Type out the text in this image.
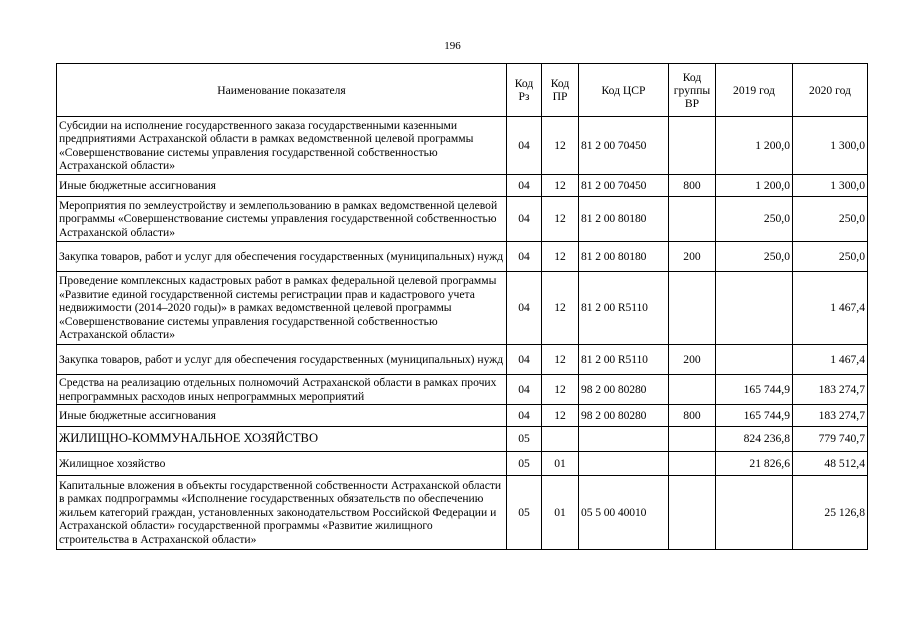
196
Наименование показателя	Код Рз	Код ПР	Код ЦСР	Код группы ВР	2019 год	2020 год
Субсидии на исполнение государственного заказа государственными казенными предприятиями Астраханской области в рамках ведомственной целевой программы «Совершенствование системы управления государственной собственностью Астраханской области»	04	12	81 2 00 70450		1 200,0	1 300,0
Иные бюджетные ассигнования	04	12	81 2 00 70450	800	1 200,0	1 300,0
Мероприятия по землеустройству и землепользованию в рамках ведомственной целевой программы «Совершенствование системы управления государственной собственностью Астраханской области»	04	12	81 2 00 80180		250,0	250,0
Закупка товаров, работ и услуг для обеспечения государственных (муниципальных) нужд	04	12	81 2 00 80180	200	250,0	250,0
Проведение комплексных кадастровых работ в рамках федеральной целевой программы «Развитие единой государственной системы регистрации прав и кадастрового учета недвижимости (2014–2020 годы)» в рамках ведомственной целевой программы «Совершенствование системы управления государственной собственностью Астраханской области»	04	12	81 2 00 R5110			1 467,4
Закупка товаров, работ и услуг для обеспечения государственных (муниципальных) нужд	04	12	81 2 00 R5110	200		1 467,4
Средства на реализацию отдельных полномочий Астраханской области в рамках прочих непрограммных расходов иных непрограммных мероприятий	04	12	98 2 00 80280		165 744,9	183 274,7
Иные бюджетные ассигнования	04	12	98 2 00 80280	800	165 744,9	183 274,7
ЖИЛИЩНО-КОММУНАЛЬНОЕ ХОЗЯЙСТВО	05				824 236,8	779 740,7
Жилищное хозяйство	05	01			21 826,6	48 512,4
Капитальные вложения в объекты государственной собственности Астраханской области в рамках подпрограммы «Исполнение государственных обязательств по обеспечению жильем категорий граждан, установленных законодательством Российской Федерации и Астраханской области» государственной программы «Развитие жилищного строительства в Астраханской области»	05	01	05 5 00 40010			25 126,8
